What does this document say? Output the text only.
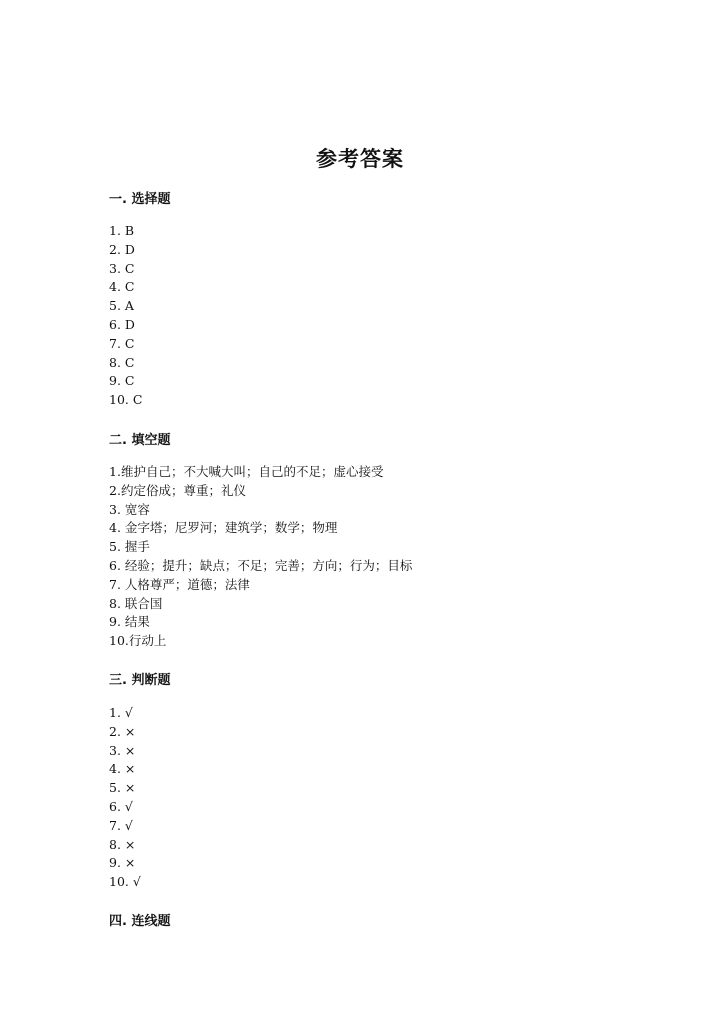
参考答案
一. 选择题
1. B
2. D
3. C
4. C
5. A
6. D
7. C
8. C
9. C
10. C
二. 填空题
1.维护自己；不大喊大叫；自己的不足；虚心接受
2.约定俗成；尊重；礼仪
3. 宽容
4. 金字塔；尼罗河；建筑学；数学；物理
5. 握手
6. 经验；提升；缺点；不足；完善；方向；行为；目标
7. 人格尊严；道德；法律
8. 联合国
9. 结果
10.行动上
三. 判断题
1. √
2. ×
3. ×
4. ×
5. ×
6. √
7. √
8. ×
9. ×
10. √
四. 连线题
